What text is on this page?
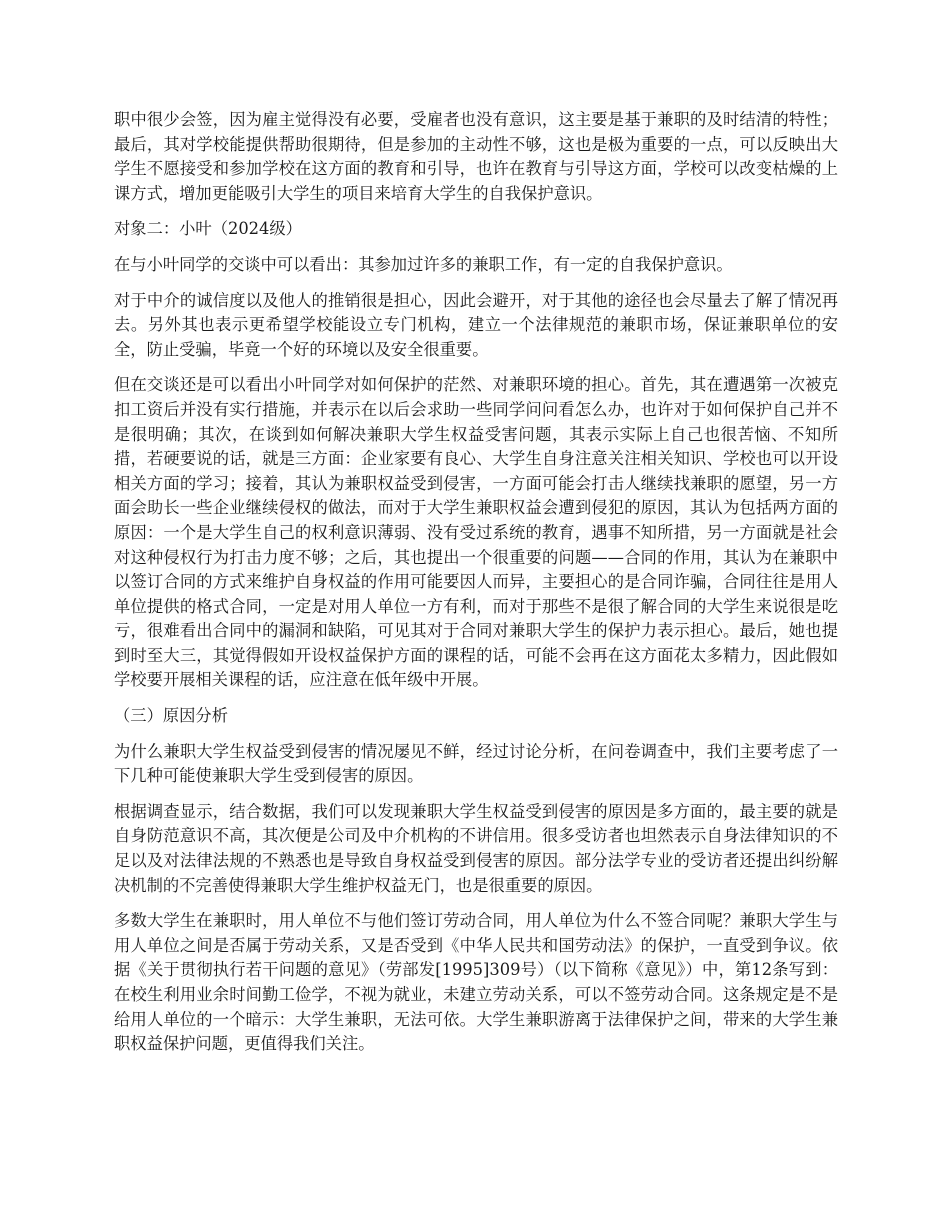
职中很少会签，因为雇主觉得没有必要，受雇者也没有意识，这主要是基于兼职的及时结清的特性；最后，其对学校能提供帮助很期待，但是参加的主动性不够，这也是极为重要的一点，可以反映出大学生不愿接受和参加学校在这方面的教育和引导，也许在教育与引导这方面，学校可以改变枯燥的上课方式，增加更能吸引大学生的项目来培育大学生的自我保护意识。

对象二：小叶（2024级）

在与小叶同学的交谈中可以看出：其参加过许多的兼职工作，有一定的自我保护意识。

对于中介的诚信度以及他人的推销很是担心，因此会避开，对于其他的途径也会尽量去了解了情况再去。另外其也表示更希望学校能设立专门机构，建立一个法律规范的兼职市场，保证兼职单位的安全，防止受骗，毕竟一个好的环境以及安全很重要。

但在交谈还是可以看出小叶同学对如何保护的茫然、对兼职环境的担心。首先，其在遭遇第一次被克扣工资后并没有实行措施，并表示在以后会求助一些同学问问看怎么办，也许对于如何保护自己并不是很明确；其次，在谈到如何解决兼职大学生权益受害问题，其表示实际上自己也很苦恼、不知所措，若硬要说的话，就是三方面：企业家要有良心、大学生自身注意关注相关知识、学校也可以开设相关方面的学习；接着，其认为兼职权益受到侵害，一方面可能会打击人继续找兼职的愿望，另一方面会助长一些企业继续侵权的做法，而对于大学生兼职权益会遭到侵犯的原因，其认为包括两方面的原因：一个是大学生自己的权利意识薄弱、没有受过系统的教育，遇事不知所措，另一方面就是社会对这种侵权行为打击力度不够；之后，其也提出一个很重要的问题——合同的作用，其认为在兼职中以签订合同的方式来维护自身权益的作用可能要因人而异，主要担心的是合同诈骗，合同往往是用人单位提供的格式合同，一定是对用人单位一方有利，而对于那些不是很了解合同的大学生来说很是吃亏，很难看出合同中的漏洞和缺陷，可见其对于合同对兼职大学生的保护力表示担心。最后，她也提到时至大三，其觉得假如开设权益保护方面的课程的话，可能不会再在这方面花太多精力，因此假如学校要开展相关课程的话，应注意在低年级中开展。

（三）原因分析

为什么兼职大学生权益受到侵害的情况屡见不鲜，经过讨论分析，在问卷调查中，我们主要考虑了一下几种可能使兼职大学生受到侵害的原因。

根据调查显示，结合数据，我们可以发现兼职大学生权益受到侵害的原因是多方面的，最主要的就是自身防范意识不高，其次便是公司及中介机构的不讲信用。很多受访者也坦然表示自身法律知识的不足以及对法律法规的不熟悉也是导致自身权益受到侵害的原因。部分法学专业的受访者还提出纠纷解决机制的不完善使得兼职大学生维护权益无门，也是很重要的原因。

多数大学生在兼职时，用人单位不与他们签订劳动合同，用人单位为什么不签合同呢？兼职大学生与用人单位之间是否属于劳动关系，又是否受到《中华人民共和国劳动法》的保护，一直受到争议。依据《关于贯彻执行若干问题的意见》（劳部发[1995]309号）（以下简称《意见》）中，第12条写到：在校生利用业余时间勤工俭学，不视为就业，未建立劳动关系，可以不签劳动合同。这条规定是不是给用人单位的一个暗示：大学生兼职，无法可依。大学生兼职游离于法律保护之间，带来的大学生兼职权益保护问题，更值得我们关注。
